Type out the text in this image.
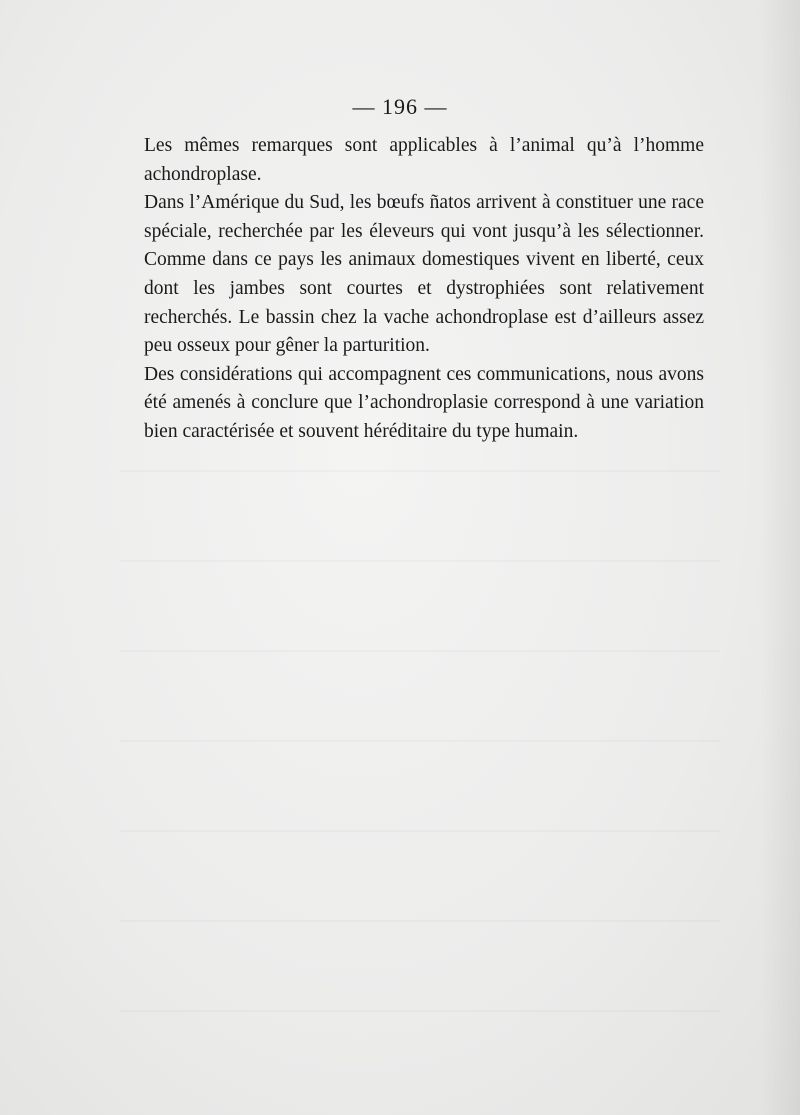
— 196 —

Les mêmes remarques sont applicables à l’animal qu’à l’homme achondroplase.

Dans l’Amérique du Sud, les bœufs ñatos arrivent à constituer une race spéciale, recherchée par les éleveurs qui vont jusqu’à les sélectionner. Comme dans ce pays les animaux domestiques vivent en liberté, ceux dont les jambes sont courtes et dystrophiées sont relativement recherchés. Le bassin chez la vache achondroplase est d’ailleurs assez peu osseux pour gêner la parturition.

Des considérations qui accompagnent ces communications, nous avons été amenés à conclure que l’achondroplasie correspond à une variation bien caractérisée et souvent héréditaire du type humain.
